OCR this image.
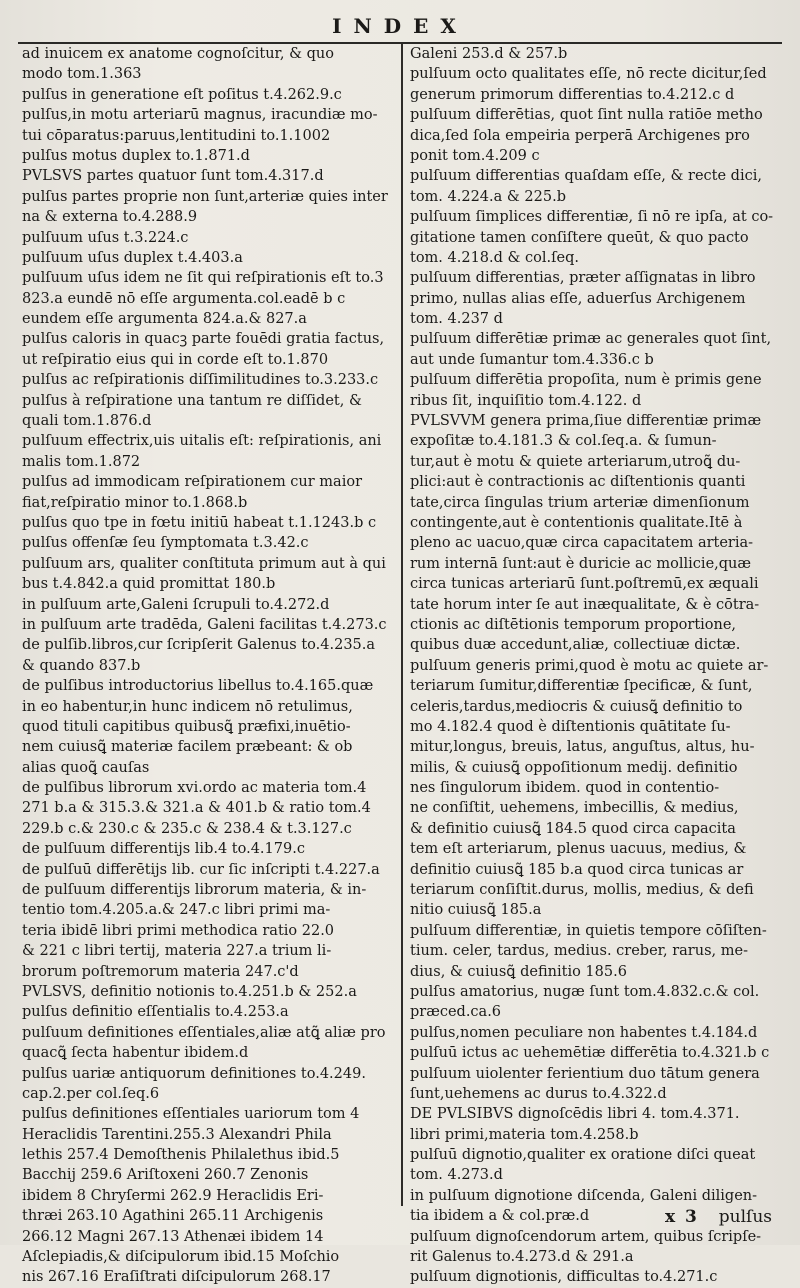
INDEX
ad inuicem ex anatome cognoſcitur, & quo
modo tom.1.363
pulſus in generatione eſt poſitus t.4.262.9.c
pulſus,in motu arteriarū magnus, iracundiæ mo-
tui cōparatus:paruus,lentitudini to.1.1002
pulſus motus duplex to.1.871.d
PVLSVS partes quatuor ſunt tom.4.317.d
pulſus partes proprie non ſunt,arteriæ quies inter
na & externa to.4.288.9
pulſuum uſus t.3.224.c
pulſuum uſus duplex t.4.403.a
pulſuum uſus idem ne ſit qui reſpirationis eſt to.3
823.a eundē nō eſſe argumenta.col.eadē b c
eundem eſſe argumenta 824.a.& 827.a
pulſus caloris in quacꝫ parte fouēdi gratia factus,
ut reſpiratio eius qui in corde eſt to.1.870
pulſus ac reſpirationis diſſimilitudines to.3.233.c
pulſus à reſpiratione una tantum re diſſidet, &
quali tom.1.876.d
pulſuum effectrix,uis uitalis eſt: reſpirationis, ani
malis tom.1.872
pulſus ad immodicam reſpirationem cur maior
fiat,reſpiratio minor to.1.868.b
pulſus quo tpe in fœtu initiū habeat t.1.1243.b c
pulſus offenſæ ſeu ſymptomata t.3.42.c
pulſuum ars, qualiter conſtituta primum aut à qui
bus t.4.842.a quid promittat 180.b
in pulſuum arte,Galeni ſcrupuli to.4.272.d
in pulſuum arte tradēda, Galeni facilitas t.4.273.c
de pulſib.libros,cur ſcripſerit Galenus to.4.235.a
& quando 837.b
de pulſibus introductorius libellus to.4.165.quæ
in eo habentur,in hunc indicem nō retulimus,
quod tituli capitibus quibusꝗ̃ præfixi,inuētio-
nem cuiusꝗ̃ materiæ facilem præbeant: & ob
alias quoꝗ̃ cauſas
de pulſibus librorum xvi.ordo ac materia tom.4
271 b.a & 315.3.& 321.a & 401.b & ratio tom.4
229.b c.& 230.c & 235.c & 238.4 & t.3.127.c
de pulſuum differentijs lib.4 to.4.179.c
de pulſuū differētijs lib. cur ſic inſcripti t.4.227.a
de pulſuum differentijs librorum materia, & in-
tentio tom.4.205.a.& 247.c libri primi ma-
teria ibidē libri primi methodica ratio 22.0
& 221 c libri tertij, materia 227.a trium li-
brorum poſtremorum materia 247.c'd
PVLSVS, definitio notionis to.4.251.b & 252.a
pulſus definitio eſſentialis to.4.253.a
pulſuum definitiones eſſentiales,aliæ atꝗ̃ aliæ pro
quacꝗ̃ ſecta habentur ibidem.d
pulſus uariæ antiquorum definitiones to.4.249.
cap.2.per col.ſeq.6
pulſus definitiones eſſentiales uariorum tom 4
Heraclidis Tarentini.255.3 Alexandri Phila
lethis 257.4 Demoſthenis Philalethus ibid.5
Bacchij 259.6 Ariſtoxeni 260.7 Zenonis
ibidem 8 Chryſermi 262.9 Heraclidis Eri-
thræi 263.10 Agathini 265.11 Archigenis
266.12 Magni 267.13 Athenæi ibidem 14
Aſclepiadis,& diſcipulorum ibid.15 Moſchio
nis 267.16 Eraſiſtrati diſcipulorum 268.17
Galeni 253.d & 257.b
pulſuum octo qualitates eſſe, nō recte dicitur,ſed
generum primorum differentias to.4.212.c d
pulſuum differētias, quot ſint nulla ratiōe metho
dica,ſed ſola empeiria perperā Archigenes pro
ponit tom.4.209 c
pulſuum differentias quaſdam eſſe, & recte dici,
tom. 4.224.a & 225.b
pulſuum ſimplices differentiæ, ſi nō re ipſa, at co-
gitatione tamen conſiſtere queūt, & quo pacto
tom. 4.218.d & col.ſeq.
pulſuum differentias, præter aſſignatas in libro
primo, nullas alias eſſe, aduerſus Archigenem
tom. 4.237 d
pulſuum differētiæ primæ ac generales quot ſint,
aut unde ſumantur tom.4.336.c b
pulſuum differētia propoſita, num è primis gene
ribus ſit, inquiſitio tom.4.122. d
PVLSVVM genera prima,ſiue differentiæ primæ
expoſitæ to.4.181.3 & col.ſeq.a. & ſumun-
tur,aut è motu & quiete arteriarum,utroꝗ̃ du-
plici:aut è contractionis ac diſtentionis quanti
tate,circa ſingulas trium arteriæ dimenſionum
contingente,aut è contentionis qualitate.Itē à
pleno ac uacuo,quæ circa capacitatem arteria-
rum internā ſunt:aut è duricie ac mollicie,quæ
circa tunicas arteriarū ſunt.poſtremū,ex æquali
tate horum inter ſe aut inæqualitate, & è cōtra-
ctionis ac diſtētionis temporum proportione,
quibus duæ accedunt,aliæ, collectiuæ dictæ.
pulſuum generis primi,quod è motu ac quiete ar-
teriarum ſumitur,differentiæ ſpecificæ, & ſunt,
celeris,tardus,mediocris & cuiusꝗ̃ definitio to
mo 4.182.4 quod è diſtentionis quātitate ſu-
mitur,longus, breuis, latus, anguſtus, altus, hu-
milis, & cuiusꝗ̃ oppoſitionum medij. definitio
nes ſingulorum ibidem. quod in contentio-
ne conſiſtit, uehemens, imbecillis, & medius,
& definitio cuiusꝗ̃ 184.5 quod circa capacita
tem eſt arteriarum, plenus uacuus, medius, &
definitio cuiusꝗ̃ 185 b.a quod circa tunicas ar
teriarum conſiſtit.durus, mollis, medius, & defi
nitio cuiusꝗ̃ 185.a
pulſuum differentiæ, in quietis tempore cōſiſten-
tium. celer, tardus, medius. creber, rarus, me-
dius, & cuiusꝗ̃ definitio 185.6
pulſus amatorius, nugæ ſunt tom.4.832.c.& col.
præced.ca.6
pulſus,nomen peculiare non habentes t.4.184.d
pulſuū ictus ac uehemētiæ differētia to.4.321.b c
pulſuum uiolenter ferientium duo tātum genera
ſunt,uehemens ac durus to.4.322.d
DE PVLSIBVS dignoſcēdis libri 4. tom.4.371.
libri primi,materia tom.4.258.b
pulſuū dignotio,qualiter ex oratione diſci queat
tom. 4.273.d
in pulſuum dignotione diſcenda, Galeni diligen-
tia ibidem a & col.præ.d
pulſuum dignoſcendorum artem, quibus ſcripſe-
rit Galenus to.4.273.d & 291.a
pulſuum dignotionis, difficultas to.4.271.c
x 3 pulſus
